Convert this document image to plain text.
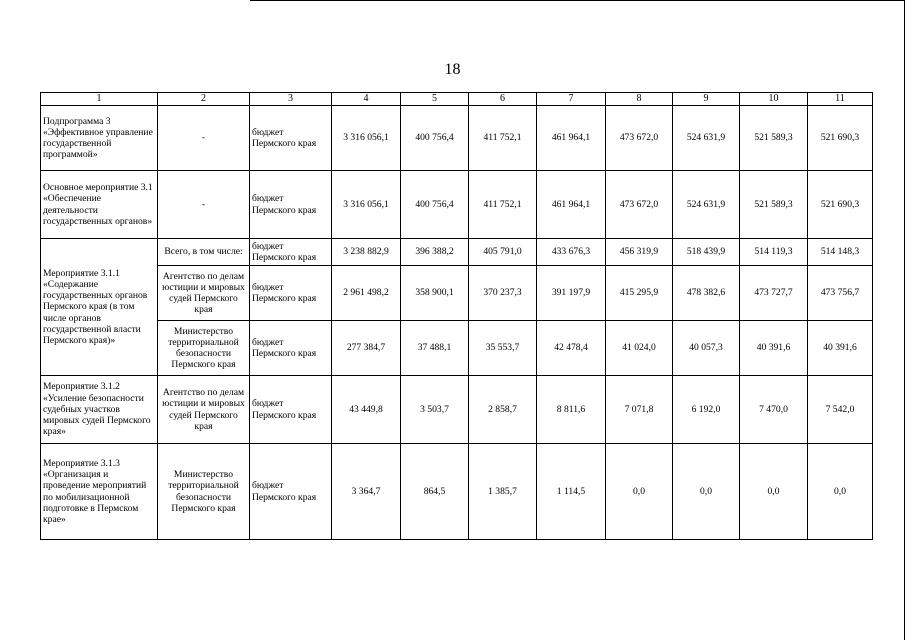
18
1	2	3	4	5	6	7	8	9	10	11
Подпрограмма 3 «Эффективное управление государственной программой»	-	бюджет Пермского края	3 316 056,1	400 756,4	411 752,1	461 964,1	473 672,0	524 631,9	521 589,3	521 690,3
Основное мероприятие 3.1 «Обеспечение деятельности государственных органов»	-	бюджет Пермского края	3 316 056,1	400 756,4	411 752,1	461 964,1	473 672,0	524 631,9	521 589,3	521 690,3
Мероприятие 3.1.1 «Содержание государственных органов Пермского края (в том числе органов государственной власти Пермского края)»	Всего, в том числе:	бюджет Пермского края	3 238 882,9	396 388,2	405 791,0	433 676,3	456 319,9	518 439,9	514 119,3	514 148,3
	Агентство по делам юстиции и мировых судей Пермского края	бюджет Пермского края	2 961 498,2	358 900,1	370 237,3	391 197,9	415 295,9	478 382,6	473 727,7	473 756,7
	Министерство территориальной безопасности Пермского края	бюджет Пермского края	277 384,7	37 488,1	35 553,7	42 478,4	41 024,0	40 057,3	40 391,6	40 391,6
Мероприятие 3.1.2 «Усиление безопасности судебных участков мировых судей Пермского края»	Агентство по делам юстиции и мировых судей Пермского края	бюджет Пермского края	43 449,8	3 503,7	2 858,7	8 811,6	7 071,8	6 192,0	7 470,0	7 542,0
Мероприятие 3.1.3 «Организация и проведение мероприятий по мобилизационной подготовке в Пермском крае»	Министерство территориальной безопасности Пермского края	бюджет Пермского края	3 364,7	864,5	1 385,7	1 114,5	0,0	0,0	0,0	0,0
